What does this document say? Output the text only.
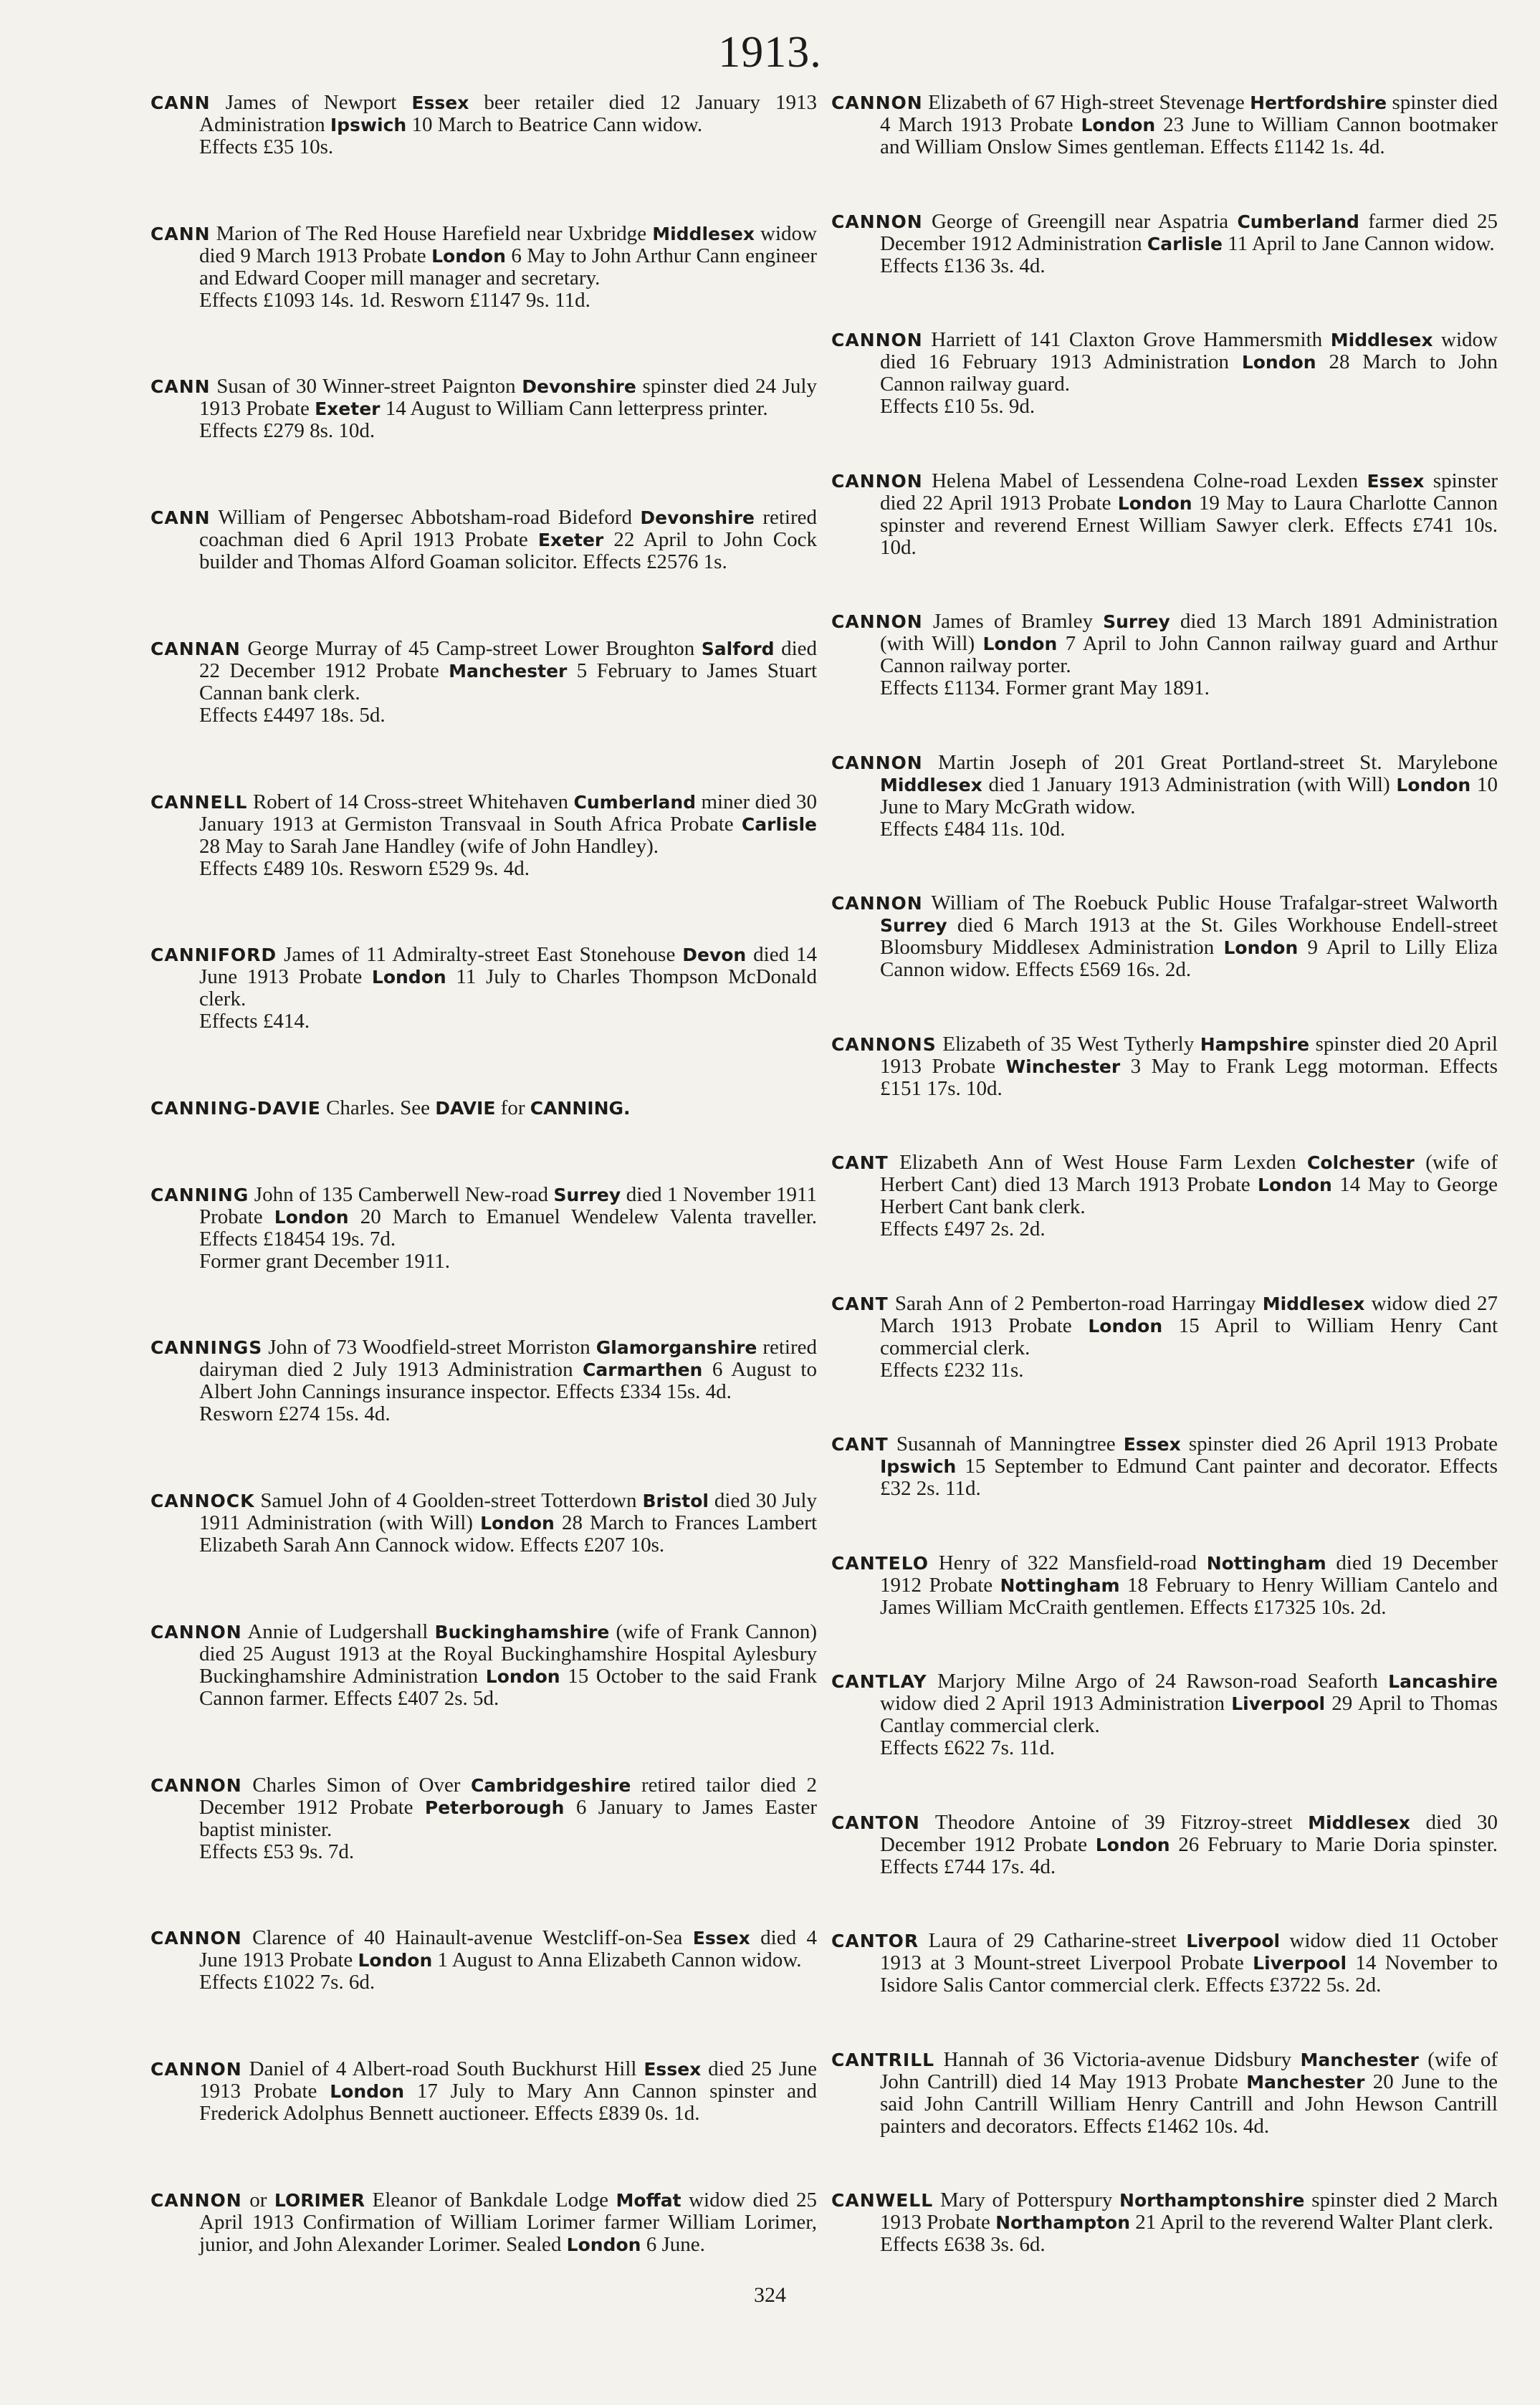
1913.
CANN James of Newport Essex beer retailer died 12 January 1913 Administration Ipswich 10 March to Beatrice Cann widow.
Effects £35 10s.
CANN Marion of The Red House Harefield near Uxbridge Middlesex widow died 9 March 1913 Probate London 6 May to John Arthur Cann engineer and Edward Cooper mill manager and secretary.
Effects £1093 14s. 1d. Resworn £1147 9s. 11d.
CANN Susan of 30 Winner-street Paignton Devonshire spinster died 24 July 1913 Probate Exeter 14 August to William Cann letterpress printer.
Effects £279 8s. 10d.
CANN William of Pengersec Abbotsham-road Bideford Devonshire retired coachman died 6 April 1913 Probate Exeter 22 April to John Cock builder and Thomas Alford Goaman solicitor. Effects £2576 1s.
CANNAN George Murray of 45 Camp-street Lower Broughton Salford died 22 December 1912 Probate Manchester 5 February to James Stuart Cannan bank clerk.
Effects £4497 18s. 5d.
CANNELL Robert of 14 Cross-street Whitehaven Cumberland miner died 30 January 1913 at Germiston Transvaal in South Africa Probate Carlisle 28 May to Sarah Jane Handley (wife of John Handley).
Effects £489 10s. Resworn £529 9s. 4d.
CANNIFORD James of 11 Admiralty-street East Stonehouse Devon died 14 June 1913 Probate London 11 July to Charles Thompson McDonald clerk.
Effects £414.
CANNING-DAVIE Charles. See DAVIE for CANNING.
CANNING John of 135 Camberwell New-road Surrey died 1 November 1911 Probate London 20 March to Emanuel Wendelew Valenta traveller. Effects £18454 19s. 7d.
Former grant December 1911.
CANNINGS John of 73 Woodfield-street Morriston Glamorganshire retired dairyman died 2 July 1913 Administration Carmarthen 6 August to Albert John Cannings insurance inspector. Effects £334 15s. 4d.
Resworn £274 15s. 4d.
CANNOCK Samuel John of 4 Goolden-street Totterdown Bristol died 30 July 1911 Administration (with Will) London 28 March to Frances Lambert Elizabeth Sarah Ann Cannock widow. Effects £207 10s.
CANNON Annie of Ludgershall Buckinghamshire (wife of Frank Cannon) died 25 August 1913 at the Royal Buckinghamshire Hospital Aylesbury Buckinghamshire Administration London 15 October to the said Frank Cannon farmer. Effects £407 2s. 5d.
CANNON Charles Simon of Over Cambridgeshire retired tailor died 2 December 1912 Probate Peterborough 6 January to James Easter baptist minister.
Effects £53 9s. 7d.
CANNON Clarence of 40 Hainault-avenue Westcliff-on-Sea Essex died 4 June 1913 Probate London 1 August to Anna Elizabeth Cannon widow.
Effects £1022 7s. 6d.
CANNON Daniel of 4 Albert-road South Buckhurst Hill Essex died 25 June 1913 Probate London 17 July to Mary Ann Cannon spinster and Frederick Adolphus Bennett auctioneer. Effects £839 0s. 1d.
CANNON or LORIMER Eleanor of Bankdale Lodge Moffat widow died 25 April 1913 Confirmation of William Lorimer farmer William Lorimer, junior, and John Alexander Lorimer. Sealed London 6 June.
CANNON Elizabeth of 67 High-street Stevenage Hertfordshire spinster died 4 March 1913 Probate London 23 June to William Cannon bootmaker and William Onslow Simes gentleman. Effects £1142 1s. 4d.
CANNON George of Greengill near Aspatria Cumberland farmer died 25 December 1912 Administration Carlisle 11 April to Jane Cannon widow.
Effects £136 3s. 4d.
CANNON Harriett of 141 Claxton Grove Hammersmith Middlesex widow died 16 February 1913 Administration London 28 March to John Cannon railway guard.
Effects £10 5s. 9d.
CANNON Helena Mabel of Lessendena Colne-road Lexden Essex spinster died 22 April 1913 Probate London 19 May to Laura Charlotte Cannon spinster and reverend Ernest William Sawyer clerk. Effects £741 10s. 10d.
CANNON James of Bramley Surrey died 13 March 1891 Administration (with Will) London 7 April to John Cannon railway guard and Arthur Cannon railway porter.
Effects £1134. Former grant May 1891.
CANNON Martin Joseph of 201 Great Portland-street St. Marylebone Middlesex died 1 January 1913 Administration (with Will) London 10 June to Mary McGrath widow.
Effects £484 11s. 10d.
CANNON William of The Roebuck Public House Trafalgar-street Walworth Surrey died 6 March 1913 at the St. Giles Workhouse Endell-street Bloomsbury Middlesex Administration London 9 April to Lilly Eliza Cannon widow. Effects £569 16s. 2d.
CANNONS Elizabeth of 35 West Tytherly Hampshire spinster died 20 April 1913 Probate Winchester 3 May to Frank Legg motorman. Effects £151 17s. 10d.
CANT Elizabeth Ann of West House Farm Lexden Colchester (wife of Herbert Cant) died 13 March 1913 Probate London 14 May to George Herbert Cant bank clerk.
Effects £497 2s. 2d.
CANT Sarah Ann of 2 Pemberton-road Harringay Middlesex widow died 27 March 1913 Probate London 15 April to William Henry Cant commercial clerk.
Effects £232 11s.
CANT Susannah of Manningtree Essex spinster died 26 April 1913 Probate Ipswich 15 September to Edmund Cant painter and decorator. Effects £32 2s. 11d.
CANTELO Henry of 322 Mansfield-road Nottingham died 19 December 1912 Probate Nottingham 18 February to Henry William Cantelo and James William McCraith gentlemen. Effects £17325 10s. 2d.
CANTLAY Marjory Milne Argo of 24 Rawson-road Seaforth Lancashire widow died 2 April 1913 Administration Liverpool 29 April to Thomas Cantlay commercial clerk.
Effects £622 7s. 11d.
CANTON Theodore Antoine of 39 Fitzroy-street Middlesex died 30 December 1912 Probate London 26 February to Marie Doria spinster. Effects £744 17s. 4d.
CANTOR Laura of 29 Catharine-street Liverpool widow died 11 October 1913 at 3 Mount-street Liverpool Probate Liverpool 14 November to Isidore Salis Cantor commercial clerk. Effects £3722 5s. 2d.
CANTRILL Hannah of 36 Victoria-avenue Didsbury Manchester (wife of John Cantrill) died 14 May 1913 Probate Manchester 20 June to the said John Cantrill William Henry Cantrill and John Hewson Cantrill painters and decorators. Effects £1462 10s. 4d.
CANWELL Mary of Potterspury Northamptonshire spinster died 2 March 1913 Probate Northampton 21 April to the reverend Walter Plant clerk.
Effects £638 3s. 6d.
324
